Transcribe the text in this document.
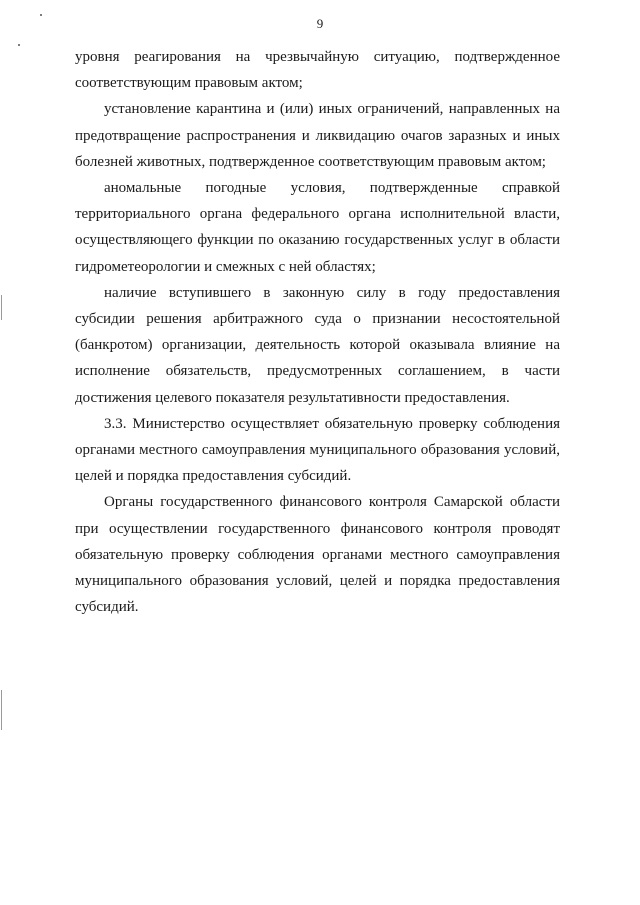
9

уровня реагирования на чрезвычайную ситуацию, подтвержденное соответствующим правовым актом;

установление карантина и (или) иных ограничений, направленных на предотвращение распространения и ликвидацию очагов заразных и иных болезней животных, подтвержденное соответствующим правовым актом;

аномальные погодные условия, подтвержденные справкой территориального органа федерального органа исполнительной власти, осуществляющего функции по оказанию государственных услуг в области гидрометеорологии и смежных с ней областях;

наличие вступившего в законную силу в году предоставления субсидии решения арбитражного суда о признании несостоятельной (банкротом) организации, деятельность которой оказывала влияние на исполнение обязательств, предусмотренных соглашением, в части достижения целевого показателя результативности предоставления.

3.3. Министерство осуществляет обязательную проверку соблюдения органами местного самоуправления муниципального образования условий, целей и порядка предоставления субсидий.

Органы государственного финансового контроля Самарской области при осуществлении государственного финансового контроля проводят обязательную проверку соблюдения органами местного самоуправления муниципального образования условий, целей и порядка предоставления субсидий.
